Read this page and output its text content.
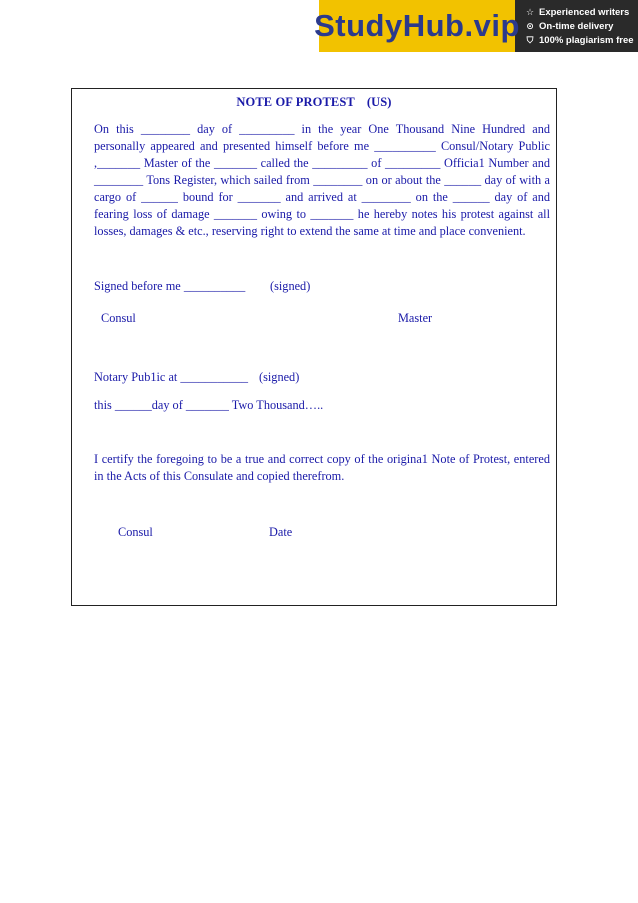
StudyHub.vip ☆ Experienced writers
⊙ On-time delivery
⛉ 100% plagiarism free
NOTE OF PROTEST (US)
On this ________ day of _________ in the year One Thousand Nine Hundred and personally appeared and presented himself before me __________ Consul/Notary Public ,_______ Master of the _______ called the _________ of _________ Officia1 Number and ________ Tons Register, which sailed from ________ on or about the ______ day of with a cargo of ______ bound for _______ and arrived at ________ on the ______ day of and fearing loss of damage _______ owing to _______ he hereby notes his protest against all losses, damages & etc., reserving right to extend the same at time and place convenient.
Signed before me __________ (signed)
Consul	Master
Notary Pub1ic at ___________ (signed)
this ______day of _______ Two Thousand…..
I certify the foregoing to be a true and correct copy of the origina1 Note of Protest, entered in the Acts of this Consulate and copied therefrom.
Consul	Date
